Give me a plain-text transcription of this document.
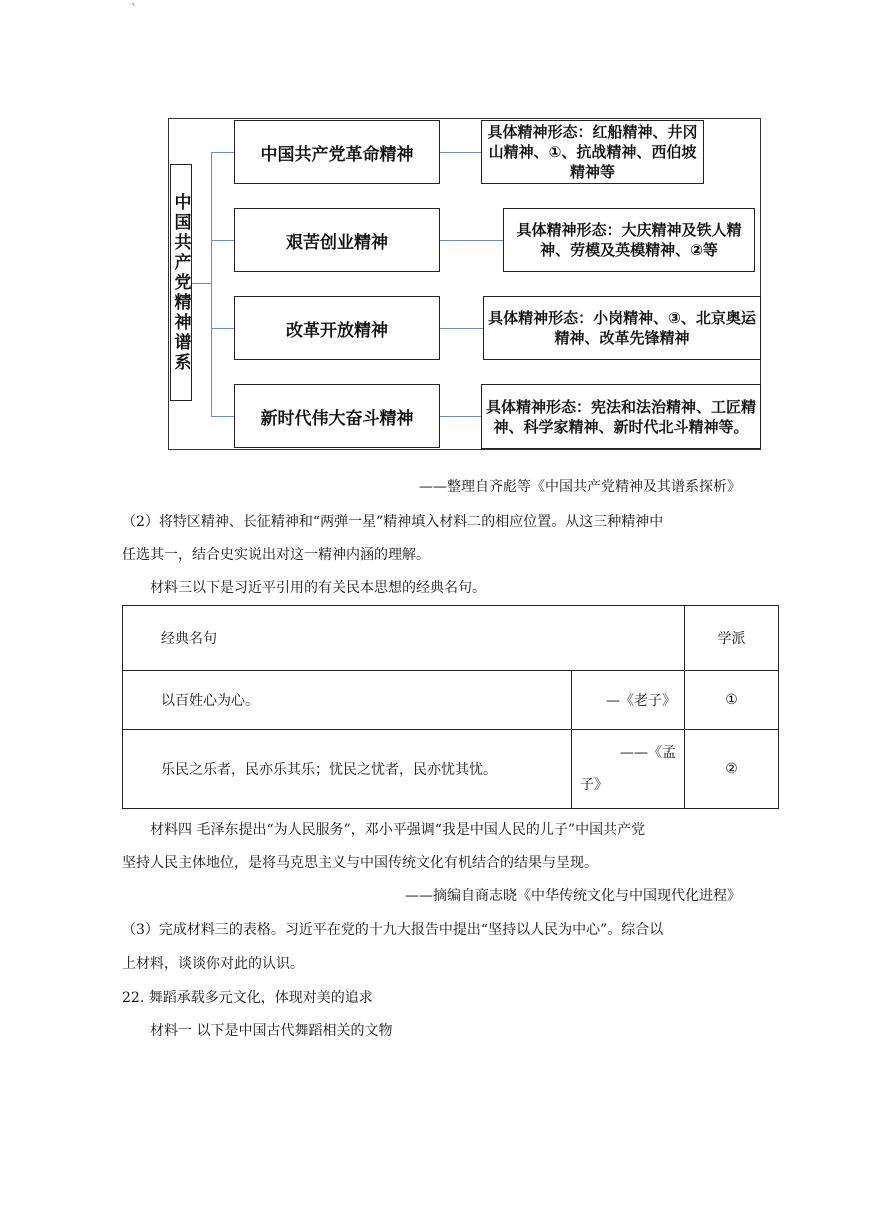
`
中国共产党精神谱系
中国共产党革命精神
艰苦创业精神
改革开放精神
新时代伟大奋斗精神
具体精神形态：红船精神、井冈山精神、①、抗战精神、西伯坡精神等
具体精神形态：大庆精神及铁人精神、劳模及英模精神、②等
具体精神形态：小岗精神、③、北京奥运精神、改革先锋精神
具体精神形态：宪法和法治精神、工匠精神、科学家精神、新时代北斗精神等。
——整理自齐彪等《中国共产党精神及其谱系探析》
（2）将特区精神、长征精神和“两弹一星”精神填入材料二的相应位置。从这三种精神中
任选其一，结合史实说出对这一精神内涵的理解。
材料三以下是习近平引用的有关民本思想的经典名句。
经典名句		学派
以百姓心为心。	—《老子》	①
乐民之乐者，民亦乐其乐；忧民之忧者，民亦忧其忧。	——《孟
子》	②
材料四 毛泽东提出“为人民服务”，邓小平强调“我是中国人民的儿子”中国共产党
坚持人民主体地位，是将马克思主义与中国传统文化有机结合的结果与呈现。
——摘编自商志晓《中华传统文化与中国现代化进程》
（3）完成材料三的表格。习近平在党的十九大报告中提出“坚持以人民为中心”。综合以
上材料，谈谈你对此的认识。
22. 舞蹈承载多元文化，体现对美的追求
材料一 以下是中国古代舞蹈相关的文物
